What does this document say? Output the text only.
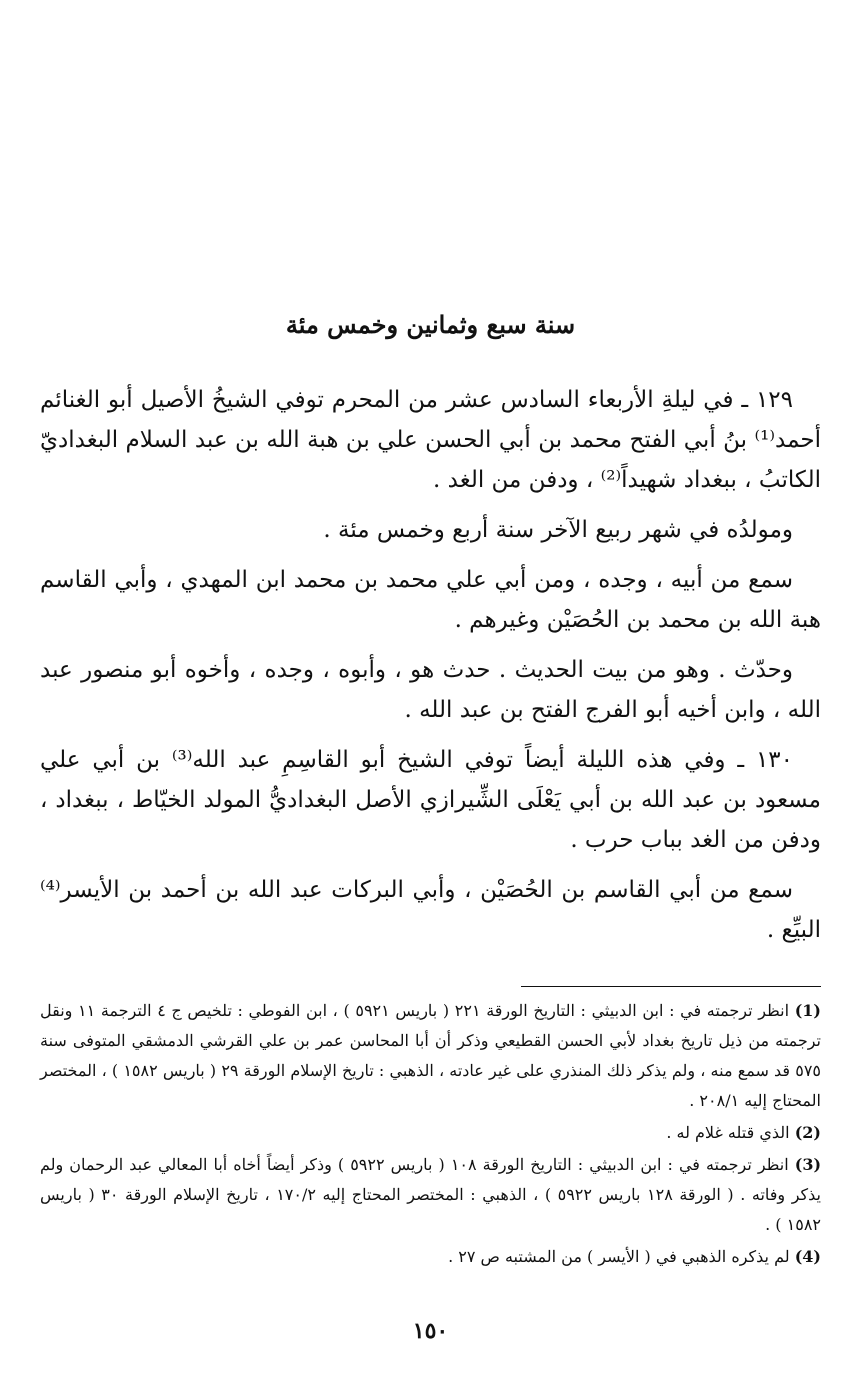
سنة سبع وثمانين وخمس مئة

١٢٩ ـ في ليلةِ الأربعاء السادس عشر من المحرم توفي الشيخُ الأصيل أبو الغنائم أحمد⁽¹⁾ بنُ أبي الفتح محمد بن أبي الحسن علي بن هبة الله بن عبد السلام البغداديّ الكاتبُ ، ببغداد شهيداً⁽²⁾ ، ودفن من الغد .

ومولدُه في شهر ربيع الآخر سنة أربع وخمس مئة .

سمع من أبيه ، وجده ، ومن أبي علي محمد بن محمد ابن المهدي ، وأبي القاسم هبة الله بن محمد بن الحُصَيْن وغيرهم .

وحدّث . وهو من بيت الحديث . حدث هو ، وأبوه ، وجده ، وأخوه أبو منصور عبد الله ، وابن أخيه أبو الفرج الفتح بن عبد الله .

١٣٠ ـ وفي هذه الليلة أيضاً توفي الشيخ أبو القاسِمِ عبد الله⁽³⁾ بن أبي علي مسعود بن عبد الله بن أبي يَعْلَى الشِّيرازي الأصل البغداديُّ المولد الخيّاط ، ببغداد ، ودفن من الغد بباب حرب .

سمع من أبي القاسم بن الحُصَيْن ، وأبي البركات عبد الله بن أحمد بن الأيسر⁽⁴⁾ البيِّع .

(1) انظر ترجمته في : ابن الدبيثي : التاريخ الورقة ٢٢١ ( باريس ٥٩٢١ ) ، ابن الفوطي : تلخيص ج ٤ الترجمة ١١ ونقل ترجمته من ذيل تاريخ بغداد لأبي الحسن القطيعي وذكر أن أبا المحاسن عمر بن علي القرشي الدمشقي المتوفى سنة ٥٧٥ قد سمع منه ، ولم يذكر ذلك المنذري على غير عادته ، الذهبي : تاريخ الإسلام الورقة ٢٩ ( باريس ١٥٨٢ ) ، المختصر المحتاج إليه ٢٠٨/١ .

(2) الذي قتله غلام له .

(3) انظر ترجمته في : ابن الدبيثي : التاريخ الورقة ١٠٨ ( باريس ٥٩٢٢ ) وذكر أيضاً أخاه أبا المعالي عبد الرحمان ولم يذكر وفاته . ( الورقة ١٢٨ باريس ٥٩٢٢ ) ، الذهبي : المختصر المحتاج إليه ١٧٠/٢ ، تاريخ الإسلام الورقة ٣٠ ( باريس ١٥٨٢ ) .

(4) لم يذكره الذهبي في ( الأيسر ) من المشتبه ص ٢٧ .

١٥٠
